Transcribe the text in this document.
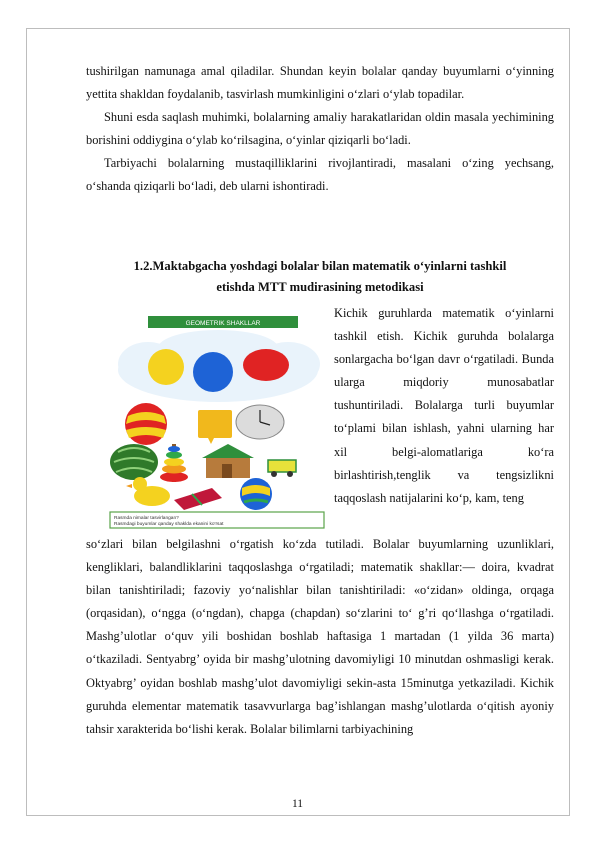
tushirilgan namunaga amal qiladilar. Shundan keyin bolalar qanday buyumlarni o‘yinning yettita shakldan foydalanib, tasvirlash mumkinligini o‘zlari o‘ylab topadilar.

Shuni esda saqlash muhimki, bolalarning amaliy harakatlaridan oldin masala yechimining borishini oddiygina o‘ylab ko‘rilsagina, o‘yinlar qiziqarli bo‘ladi.

Tarbiyachi bolalarning mustaqilliklarini rivojlantiradi, masalani o‘zing yechsang, o‘shanda qiziqarli bo‘ladi, deb ularni ishontiradi.

1.2.Maktabgacha yoshdagi bolalar bilan matematik o‘yinlarni tashkil
etishda MTT mudirasining metodikasi
GEOMETRIK SHAKLLAR
Rasmda nimalar tasvirlangan?
Rasmdagi buyumlar qanday shaklda ekanini ko'rsat
Kichik guruhlarda matematik o‘yinlarni tashkil etish. Kichik guruhda bolalarga sonlargacha bo‘lgan davr o‘rgatiladi. Bunda ularga miqdoriy munosabatlar tushuntiriladi. Bolalarga turli buyumlar to‘plami bilan ishlash, yahni ularning har xil belgi-alomatlariga ko‘ra birlashtirish,tenglik va tengsizlikni taqqoslash natijalarini ko‘p, kam, teng

so‘zlari bilan belgilashni o‘rgatish ko‘zda tutiladi. Bolalar buyumlarning uzunliklari, kengliklari, balandliklarini taqqoslashga o‘rgatiladi; matematik shakllar:— doira, kvadrat bilan tanishtiriladi; fazoviy yo‘nalishlar bilan tanishtiriladi: «o‘zidan» oldinga, orqaga (orqasidan), o‘ngga (o‘ngdan), chapga (chapdan) so‘zlarini to‘ g’ri qo‘llashga o‘rgatiladi. Mashg’ulotlar o‘quv yili boshidan boshlab haftasiga 1 martadan (1 yilda 36 marta) o‘tkaziladi. Sentyabrg’ oyida bir mashg’ulotning davomiyligi 10 minutdan oshmasligi kerak. Oktyabrg’ oyidan boshlab mashg’ulot davomiyligi sekin-asta 15minutga yetkaziladi. Kichik guruhda elementar matematik tasavvurlarga bag’ishlangan mashg’ulotlarda o‘qitish ayoniy tahsir xarakterida bo‘lishi kerak. Bolalar bilimlarni tarbiyachining

11
